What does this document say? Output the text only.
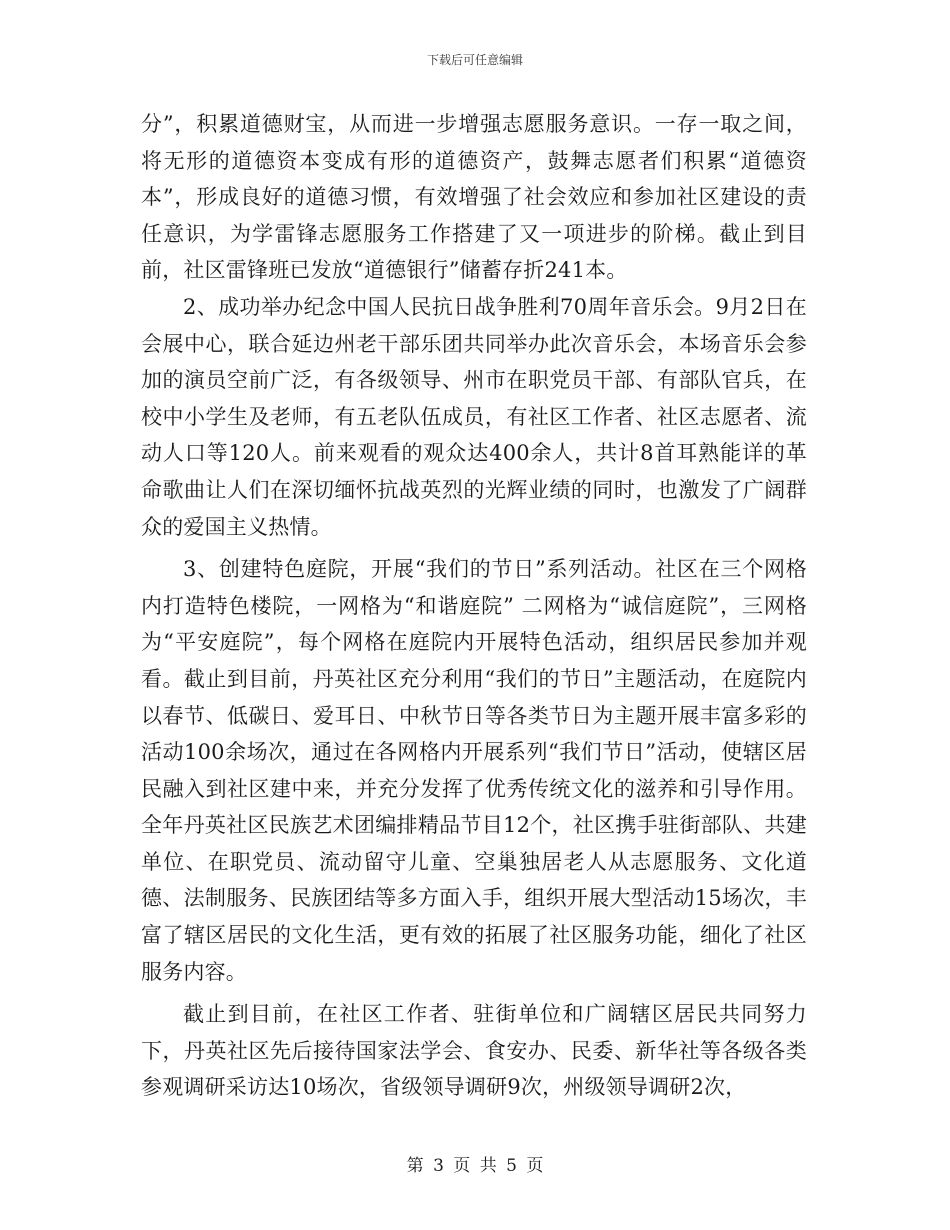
下载后可任意编辑

分”，积累道德财宝，从而进一步增强志愿服务意识。一存一取之间，将无形的道德资本变成有形的道德资产，鼓舞志愿者们积累“道德资本”，形成良好的道德习惯，有效增强了社会效应和参加社区建设的责任意识，为学雷锋志愿服务工作搭建了又一项进步的阶梯。截止到目前，社区雷锋班已发放“道德银行”储蓄存折241本。

2、成功举办纪念中国人民抗日战争胜利70周年音乐会。9月2日在会展中心，联合延边州老干部乐团共同举办此次音乐会，本场音乐会参加的演员空前广泛，有各级领导、州市在职党员干部、有部队官兵，在校中小学生及老师，有五老队伍成员，有社区工作者、社区志愿者、流动人口等120人。前来观看的观众达400余人，共计8首耳熟能详的革命歌曲让人们在深切缅怀抗战英烈的光辉业绩的同时，也激发了广阔群众的爱国主义热情。

3、创建特色庭院，开展“我们的节日”系列活动。社区在三个网格内打造特色楼院，一网格为“和谐庭院” 二网格为“诚信庭院”，三网格为“平安庭院”，每个网格在庭院内开展特色活动，组织居民参加并观看。截止到目前，丹英社区充分利用“我们的节日”主题活动，在庭院内以春节、低碳日、爱耳日、中秋节日等各类节日为主题开展丰富多彩的活动100余场次，通过在各网格内开展系列“我们节日”活动，使辖区居民融入到社区建中来，并充分发挥了优秀传统文化的滋养和引导作用。全年丹英社区民族艺术团编排精品节目12个，社区携手驻街部队、共建单位、在职党员、流动留守儿童、空巢独居老人从志愿服务、文化道德、法制服务、民族团结等多方面入手，组织开展大型活动15场次，丰富了辖区居民的文化生活，更有效的拓展了社区服务功能，细化了社区服务内容。

截止到目前，在社区工作者、驻街单位和广阔辖区居民共同努力下，丹英社区先后接待国家法学会、食安办、民委、新华社等各级各类参观调研采访达10场次，省级领导调研9次，州级领导调研2次，

第 3 页 共 5 页
